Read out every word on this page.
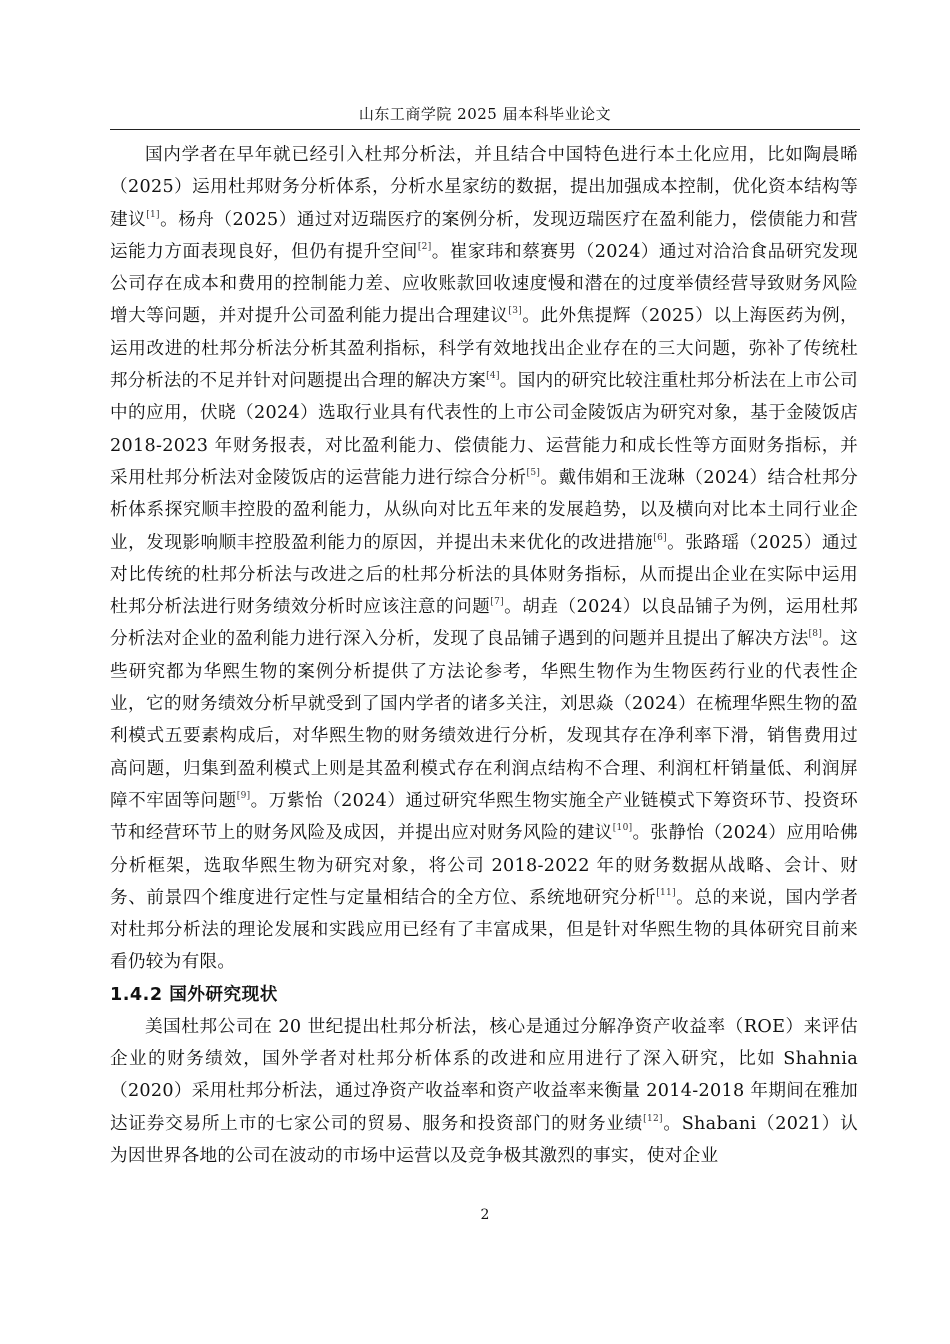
山东工商学院 2025 届本科毕业论文

国内学者在早年就已经引入杜邦分析法，并且结合中国特色进行本土化应用，比如陶晨晞（2025）运用杜邦财务分析体系，分析水星家纺的数据，提出加强成本控制，优化资本结构等建议[1]。杨舟（2025）通过对迈瑞医疗的案例分析，发现迈瑞医疗在盈利能力，偿债能力和营运能力方面表现良好，但仍有提升空间[2]。崔家玮和蔡赛男（2024）通过对洽洽食品研究发现公司存在成本和费用的控制能力差、应收账款回收速度慢和潜在的过度举债经营导致财务风险增大等问题，并对提升公司盈利能力提出合理建议[3]。此外焦提辉（2025）以上海医药为例，运用改进的杜邦分析法分析其盈利指标，科学有效地找出企业存在的三大问题，弥补了传统杜邦分析法的不足并针对问题提出合理的解决方案[4]。国内的研究比较注重杜邦分析法在上市公司中的应用，伏晓（2024）选取行业具有代表性的上市公司金陵饭店为研究对象，基于金陵饭店 2018-2023 年财务报表，对比盈利能力、偿债能力、运营能力和成长性等方面财务指标，并采用杜邦分析法对金陵饭店的运营能力进行综合分析[5]。戴伟娟和王泷琳（2024）结合杜邦分析体系探究顺丰控股的盈利能力，从纵向对比五年来的发展趋势，以及横向对比本土同行业企业，发现影响顺丰控股盈利能力的原因，并提出未来优化的改进措施[6]。张路瑶（2025）通过对比传统的杜邦分析法与改进之后的杜邦分析法的具体财务指标，从而提出企业在实际中运用杜邦分析法进行财务绩效分析时应该注意的问题[7]。胡垚（2024）以良品铺子为例，运用杜邦分析法对企业的盈利能力进行深入分析，发现了良品铺子遇到的问题并且提出了解决方法[8]。这些研究都为华熙生物的案例分析提供了方法论参考，华熙生物作为生物医药行业的代表性企业，它的财务绩效分析早就受到了国内学者的诸多关注，刘思焱（2024）在梳理华熙生物的盈利模式五要素构成后，对华熙生物的财务绩效进行分析，发现其存在净利率下滑，销售费用过高问题，归集到盈利模式上则是其盈利模式存在利润点结构不合理、利润杠杆销量低、利润屏障不牢固等问题[9]。万紫怡（2024）通过研究华熙生物实施全产业链模式下筹资环节、投资环节和经营环节上的财务风险及成因，并提出应对财务风险的建议[10]。张静怡（2024）应用哈佛分析框架，选取华熙生物为研究对象，将公司 2018-2022 年的财务数据从战略、会计、财务、前景四个维度进行定性与定量相结合的全方位、系统地研究分析[11]。总的来说，国内学者对杜邦分析法的理论发展和实践应用已经有了丰富成果，但是针对华熙生物的具体研究目前来看仍较为有限。

1.4.2 国外研究现状

美国杜邦公司在 20 世纪提出杜邦分析法，核心是通过分解净资产收益率（ROE）来评估企业的财务绩效，国外学者对杜邦分析体系的改进和应用进行了深入研究，比如 Shahnia（2020）采用杜邦分析法，通过净资产收益率和资产收益率来衡量 2014-2018 年期间在雅加达证券交易所上市的七家公司的贸易、服务和投资部门的财务业绩[12]。Shabani（2021）认为因世界各地的公司在波动的市场中运营以及竞争极其激烈的事实，使对企业

2
